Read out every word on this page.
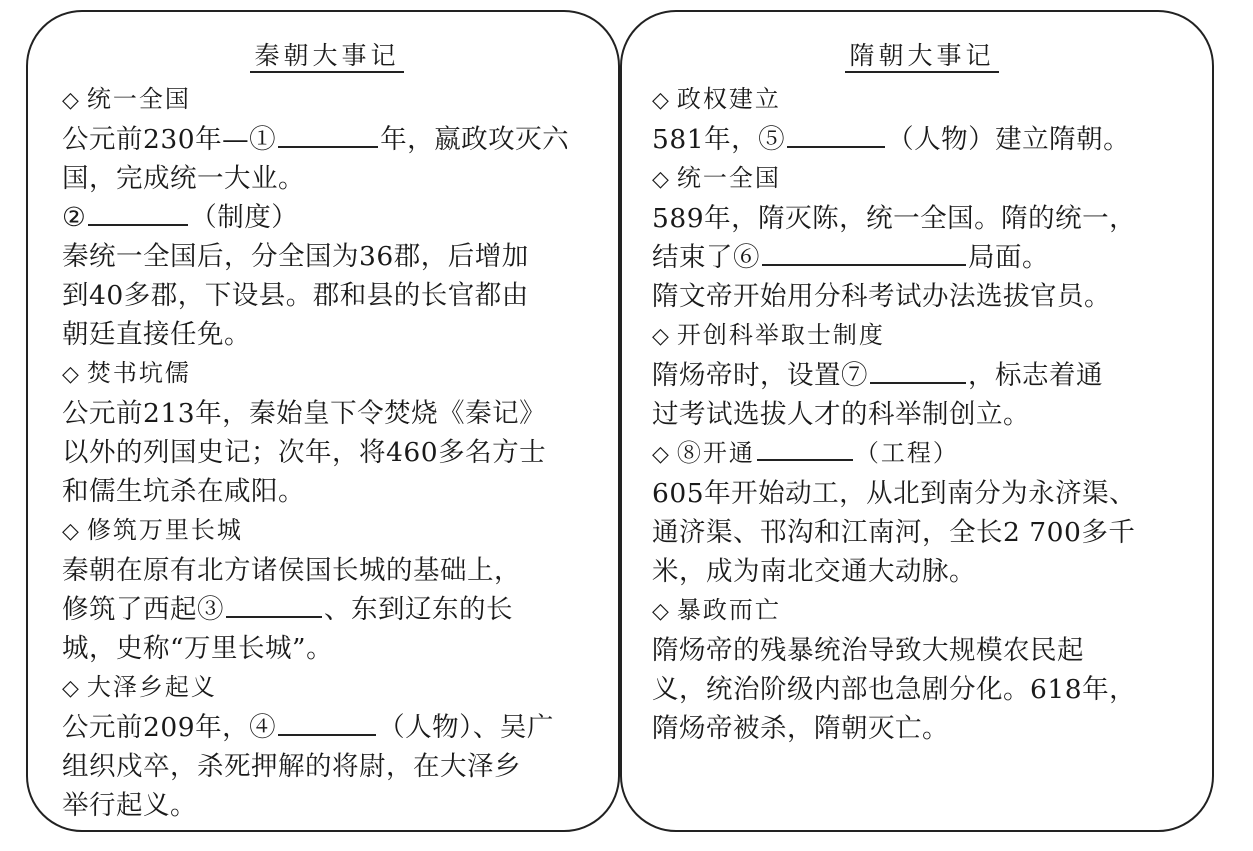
秦朝大事记
◇ 统一全国

公元前230年—①	年，嬴政攻灭六

国，完成统一大业。

②	（制度）

秦统一全国后，分全国为36郡，后增加

到40多郡，下设县。郡和县的长官都由

朝廷直接任免。

◇ 焚书坑儒

公元前213年，秦始皇下令焚烧《秦记》

以外的列国史记；次年，将460多名方士

和儒生坑杀在咸阳。

◇ 修筑万里长城

秦朝在原有北方诸侯国长城的基础上，

修筑了西起③	、东到辽东的长

城，史称“万里长城”。

◇ 大泽乡起义

公元前209年，④	（人物）、吴广

组织戍卒，杀死押解的将尉，在大泽乡

举行起义。

隋朝大事记
◇ 政权建立

581年，⑤	（人物）建立隋朝。

◇ 统一全国

589年，隋灭陈，统一全国。隋的统一，

结束了⑥	局面。

隋文帝开始用分科考试办法选拔官员。

◇ 开创科举取士制度

隋炀帝时，设置⑦	，标志着通

过考试选拔人才的科举制创立。

◇ ⑧开通	（工程）

605年开始动工，从北到南分为永济渠、

通济渠、邗沟和江南河，全长2 700多千

米，成为南北交通大动脉。

◇ 暴政而亡

隋炀帝的残暴统治导致大规模农民起

义，统治阶级内部也急剧分化。618年，

隋炀帝被杀，隋朝灭亡。
